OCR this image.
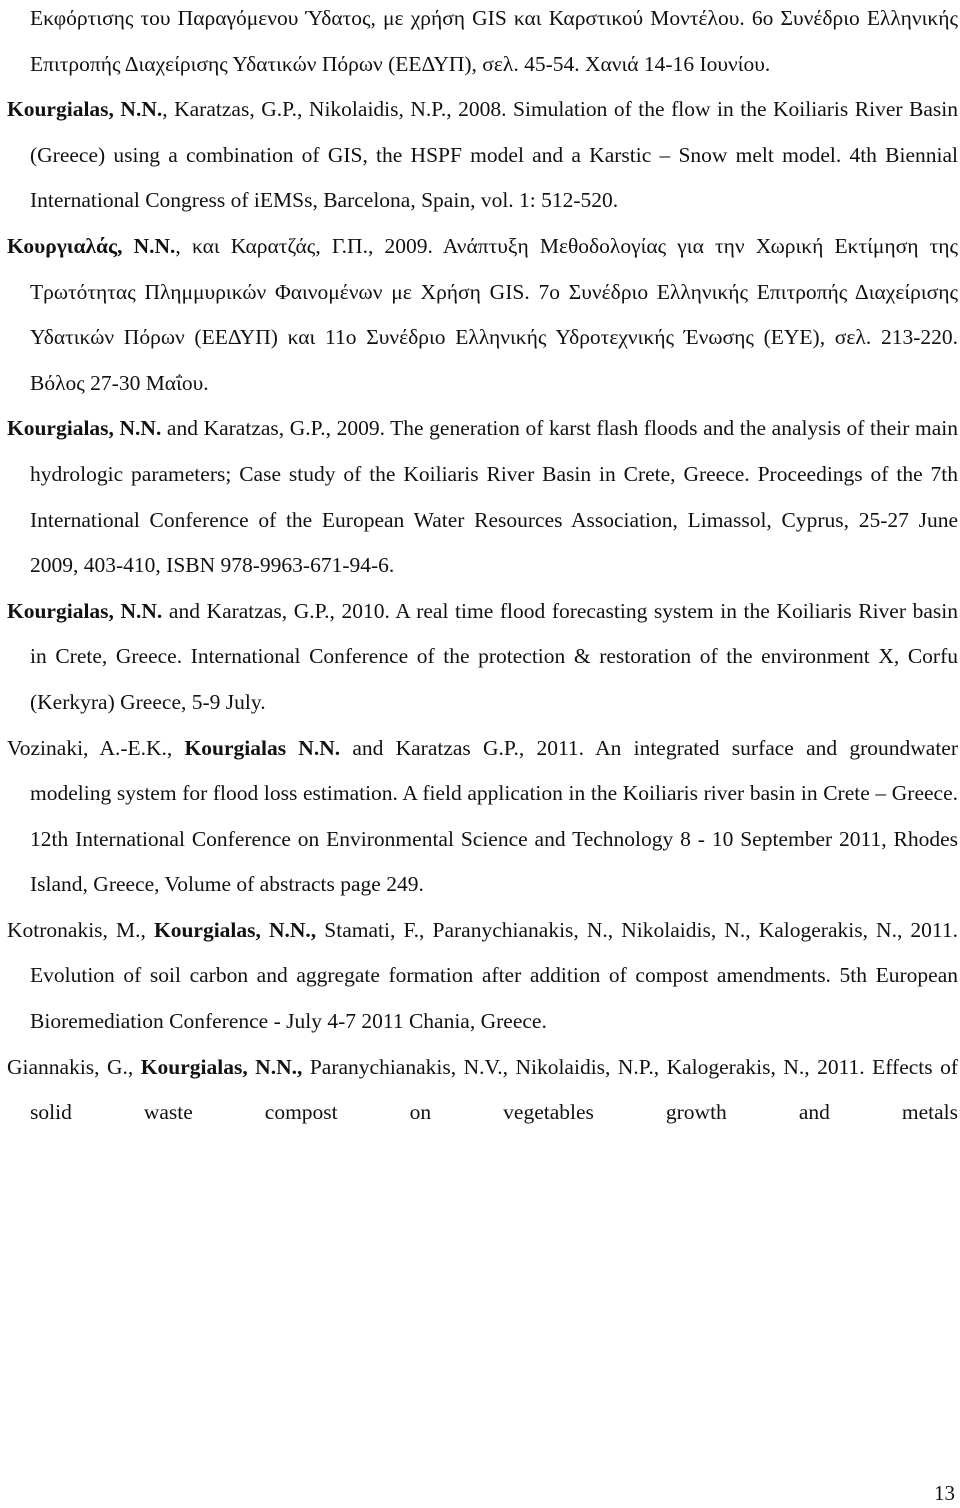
Εκφόρτισης του Παραγόμενου Ύδατος, με χρήση GIS και Καρστικού Μοντέλου. 6ο Συνέδριο Ελληνικής Επιτροπής Διαχείρισης Υδατικών Πόρων (ΕΕΔΥΠ), σελ. 45-54. Χανιά 14-16 Ιουνίου.

Kourgialas, N.N., Karatzas, G.P., Nikolaidis, N.P., 2008. Simulation of the flow in the Koiliaris River Basin (Greece) using a combination of GIS, the HSPF model and a Karstic – Snow melt model. 4th Biennial International Congress of iEMSs, Barcelona, Spain, vol. 1: 512-520.

Κουργιαλάς, Ν.Ν., και Καρατζάς, Γ.Π., 2009. Ανάπτυξη Μεθοδολογίας για την Χωρική Εκτίμηση της Τρωτότητας Πλημμυρικών Φαινομένων με Χρήση GIS. 7ο Συνέδριο Ελληνικής Επιτροπής Διαχείρισης Υδατικών Πόρων (ΕΕΔΥΠ) και 11ο Συνέδριο Ελληνικής Υδροτεχνικής Ένωσης (ΕΥΕ), σελ. 213-220. Βόλος 27-30 Μαΐου.

Kourgialas, N.N. and Karatzas, G.P., 2009. The generation of karst flash floods and the analysis of their main hydrologic parameters; Case study of the Koiliaris River Basin in Crete, Greece. Proceedings of the 7th International Conference of the European Water Resources Association, Limassol, Cyprus, 25-27 June 2009, 403-410, ISBN 978-9963-671-94-6.

Kourgialas, N.N. and Karatzas, G.P., 2010. A real time flood forecasting system in the Koiliaris River basin in Crete, Greece. International Conference of the protection & restoration of the environment X, Corfu (Kerkyra) Greece, 5-9 July.

Vozinaki, A.-E.K., Kourgialas N.N. and Karatzas G.P., 2011. An integrated surface and groundwater modeling system for flood loss estimation. A field application in the Koiliaris river basin in Crete – Greece. 12th International Conference on Environmental Science and Technology 8 - 10 September 2011, Rhodes Island, Greece, Volume of abstracts page 249.

Kotronakis, M., Kourgialas, N.N., Stamati, F., Paranychianakis, N., Nikolaidis, N., Kalogerakis, N., 2011. Evolution of soil carbon and aggregate formation after addition of compost amendments. 5th European Bioremediation Conference - July 4-7 2011 Chania, Greece.

Giannakis, G., Kourgialas, N.N., Paranychianakis, N.V., Nikolaidis, N.P., Kalogerakis, N., 2011. Effects of solid waste compost on vegetables growth and metals

13
